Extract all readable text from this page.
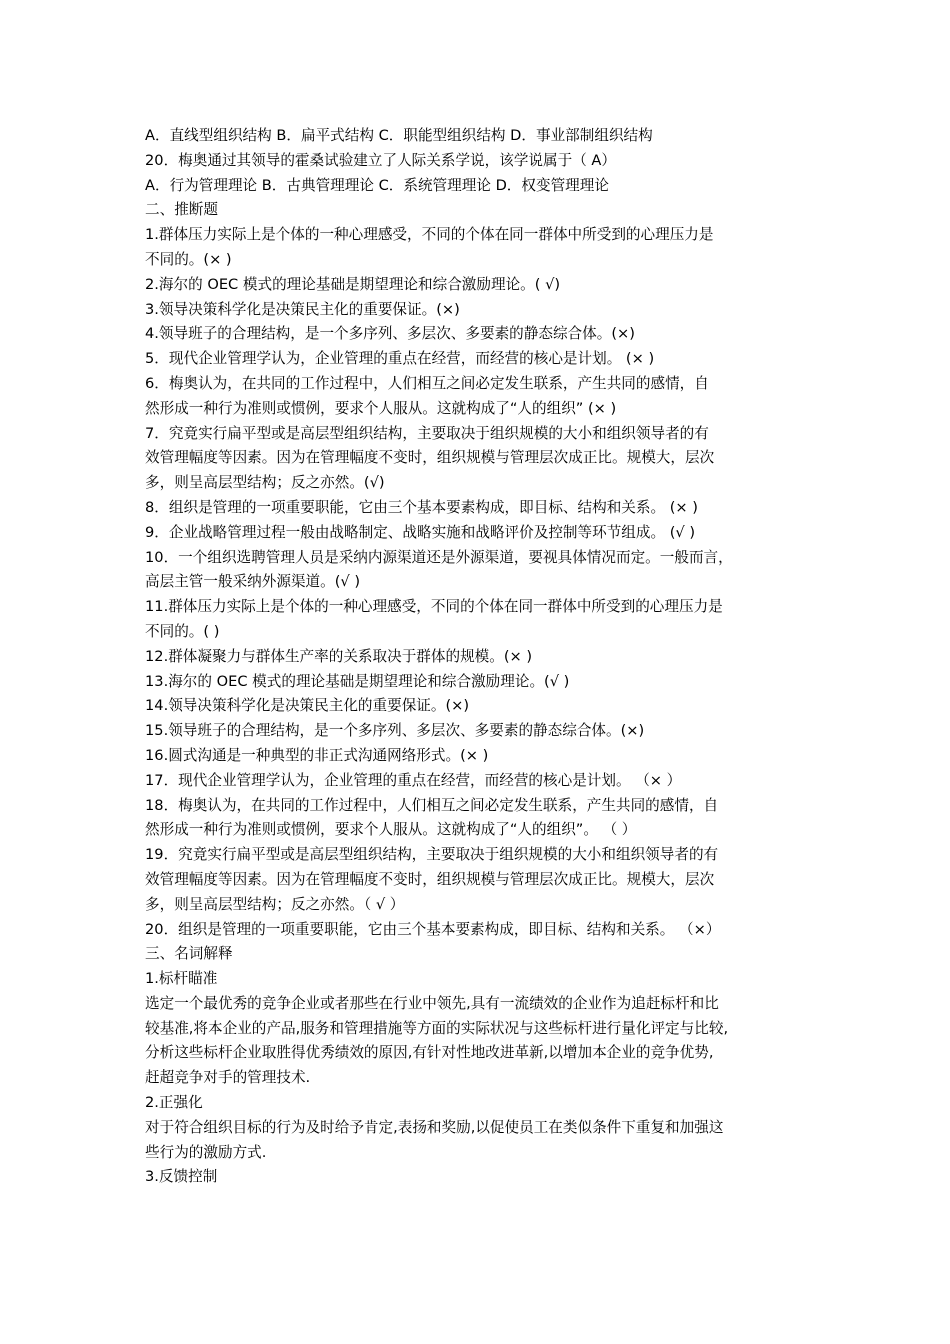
A．直线型组织结构 B．扁平式结构 C．职能型组织结构 D．事业部制组织结构
20．梅奥通过其领导的霍桑试验建立了人际关系学说，该学说属于（ A）
A．行为管理理论 B．古典管理理论 C．系统管理理论 D．权变管理理论
二、推断题
1.群体压力实际上是个体的一种心理感受，不同的个体在同一群体中所受到的心理压力是
不同的。(× )
2.海尔的 OEC 模式的理论基础是期望理论和综合激励理论。( √)
3.领导决策科学化是决策民主化的重要保证。(×)
4.领导班子的合理结构，是一个多序列、多层次、多要素的静态综合体。(×)
5．现代企业管理学认为，企业管理的重点在经营，而经营的核心是计划。 (× )
6．梅奥认为，在共同的工作过程中，人们相互之间必定发生联系，产生共同的感情，自
然形成一种行为准则或惯例，要求个人服从。这就构成了“人的组织” (× )
7．究竟实行扁平型或是高层型组织结构，主要取决于组织规模的大小和组织领导者的有
效管理幅度等因素。因为在管理幅度不变时，组织规模与管理层次成正比。规模大，层次
多，则呈高层型结构；反之亦然。(√)
8．组织是管理的一项重要职能，它由三个基本要素构成，即目标、结构和关系。 (× )
9．企业战略管理过程一般由战略制定、战略实施和战略评价及控制等环节组成。 (√ )
10．一个组织选聘管理人员是采纳内源渠道还是外源渠道，要视具体情况而定。一般而言，
高层主管一般采纳外源渠道。(√ )
11.群体压力实际上是个体的一种心理感受，不同的个体在同一群体中所受到的心理压力是
不同的。( )
12.群体凝聚力与群体生产率的关系取决于群体的规模。(× )
13.海尔的 OEC 模式的理论基础是期望理论和综合激励理论。(√ )
14.领导决策科学化是决策民主化的重要保证。(×)
15.领导班子的合理结构，是一个多序列、多层次、多要素的静态综合体。(×)
16.圆式沟通是一种典型的非正式沟通网络形式。(× )
17．现代企业管理学认为，企业管理的重点在经营，而经营的核心是计划。 （× ）
18．梅奥认为，在共同的工作过程中，人们相互之间必定发生联系，产生共同的感情，自
然形成一种行为准则或惯例，要求个人服从。这就构成了“人的组织”。 （ ）
19．究竟实行扁平型或是高层型组织结构，主要取决于组织规模的大小和组织领导者的有
效管理幅度等因素。因为在管理幅度不变时，组织规模与管理层次成正比。规模大，层次
多，则呈高层型结构；反之亦然。（ √ ）
20．组织是管理的一项重要职能，它由三个基本要素构成，即目标、结构和关系。 （×）
三、名词解释
1.标杆瞄准
选定一个最优秀的竞争企业或者那些在行业中领先,具有一流绩效的企业作为追赶标杆和比
较基准,将本企业的产品,服务和管理措施等方面的实际状况与这些标杆进行量化评定与比较,
分析这些标杆企业取胜得优秀绩效的原因,有针对性地改进革新,以增加本企业的竞争优势,
赶超竞争对手的管理技术.
2.正强化
对于符合组织目标的行为及时给予肯定,表扬和奖励,以促使员工在类似条件下重复和加强这
些行为的激励方式.
3.反馈控制
